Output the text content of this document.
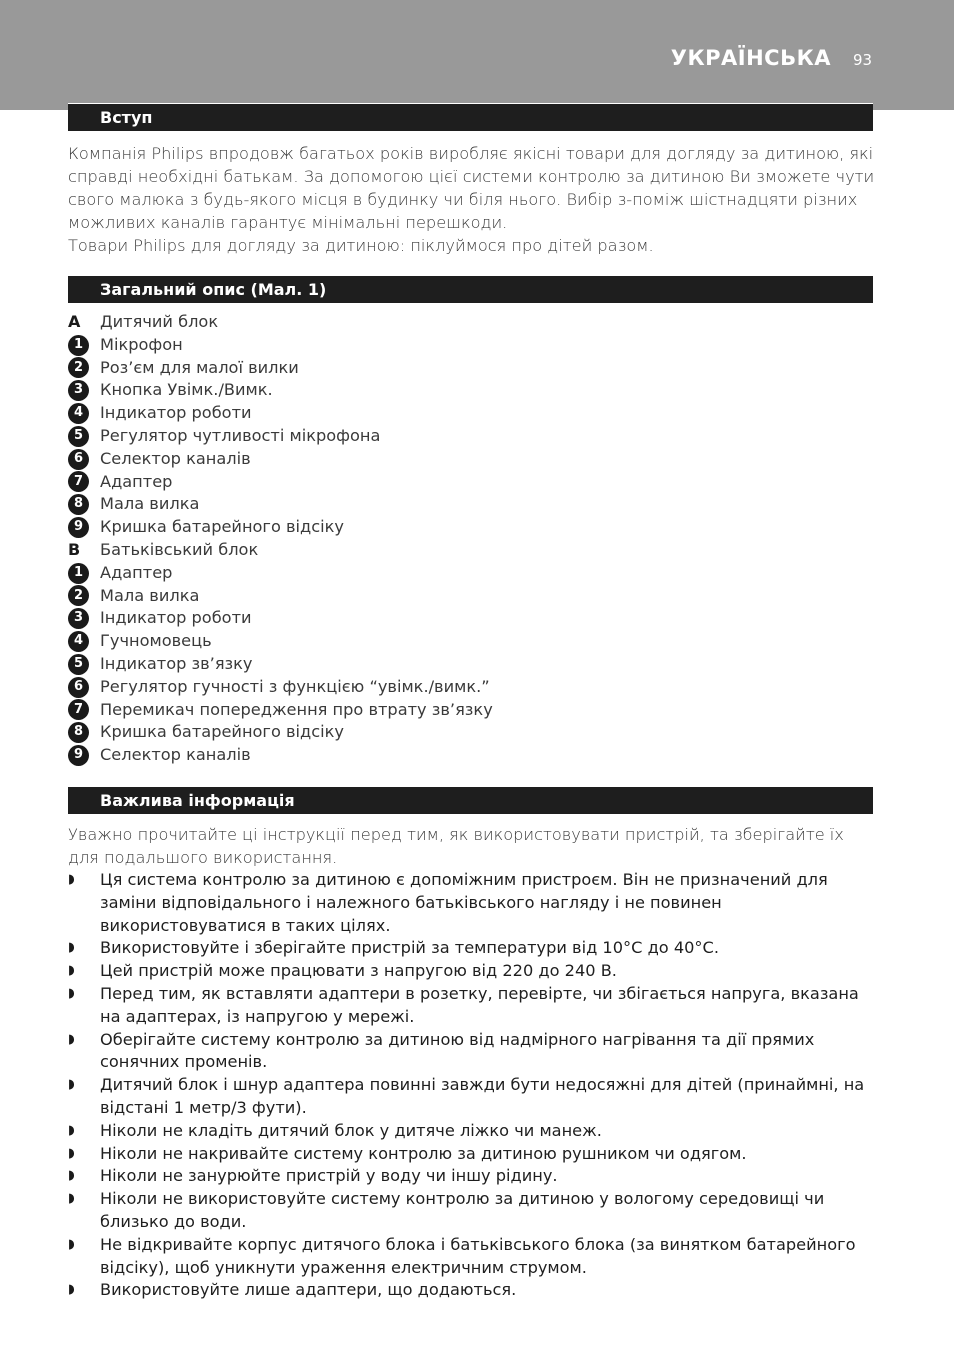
УКРАЇНСЬКА 93
Вступ
Компанія Philips впродовж багатьох років виробляє якісні товари для догляду за дитиною, які справді необхідні батькам. За допомогою цієї системи контролю за дитиною Ви зможете чути свого малюка з будь-якого місця в будинку чи біля нього. Вибір з-поміж шістнадцяти різних можливих каналів гарантує мінімальні перешкоди.
Товари Philips для догляду за дитиною: піклуймося про дітей разом.
Загальний опис (Мал. 1)
A	Дитячий блок
1	Мікрофон
2	Роз’єм для малої вилки
3	Кнопка Увімк./Вимк.
4	Індикатор роботи
5	Регулятор чутливості мікрофона
6	Селектор каналів
7	Адаптер
8	Мала вилка
9	Кришка батарейного відсіку
B	Батьківський блок
1	Адаптер
2	Мала вилка
3	Індикатор роботи
4	Гучномовець
5	Індикатор зв’язку
6	Регулятор гучності з функцією “увімк./вимк.”
7	Перемикач попередження про втрату зв’язку
8	Кришка батарейного відсіку
9	Селектор каналів
Важлива інформація
Уважно прочитайте ці інструкції перед тим, як використовувати пристрій, та зберігайте їх для подальшого використання.
◗	Ця система контролю за дитиною є допоміжним пристроєм. Він не призначений для заміни відповідального і належного батьківського нагляду і не повинен використовуватися в таких цілях.
◗	Використовуйте і зберігайте пристрій за температури від 10°C до 40°C.
◗	Цей пристрій може працювати з напругою від 220 до 240 В.
◗	Перед тим, як вставляти адаптери в розетку, перевірте, чи збігається напруга, вказана на адаптерах, із напругою у мережі.
◗	Оберігайте систему контролю за дитиною від надмірного нагрівання та дії прямих сонячних променів.
◗	Дитячий блок і шнур адаптера повинні завжди бути недосяжні для дітей (принаймні, на відстані 1 метр/3 фути).
◗	Ніколи не кладіть дитячий блок у дитяче ліжко чи манеж.
◗	Ніколи не накривайте систему контролю за дитиною рушником чи одягом.
◗	Ніколи не занурюйте пристрій у воду чи іншу рідину.
◗	Ніколи не використовуйте систему контролю за дитиною у вологому середовищі чи близько до води.
◗	Не відкривайте корпус дитячого блока і батьківського блока (за винятком батарейного відсіку), щоб уникнути ураження електричним струмом.
◗	Використовуйте лише адаптери, що додаються.
